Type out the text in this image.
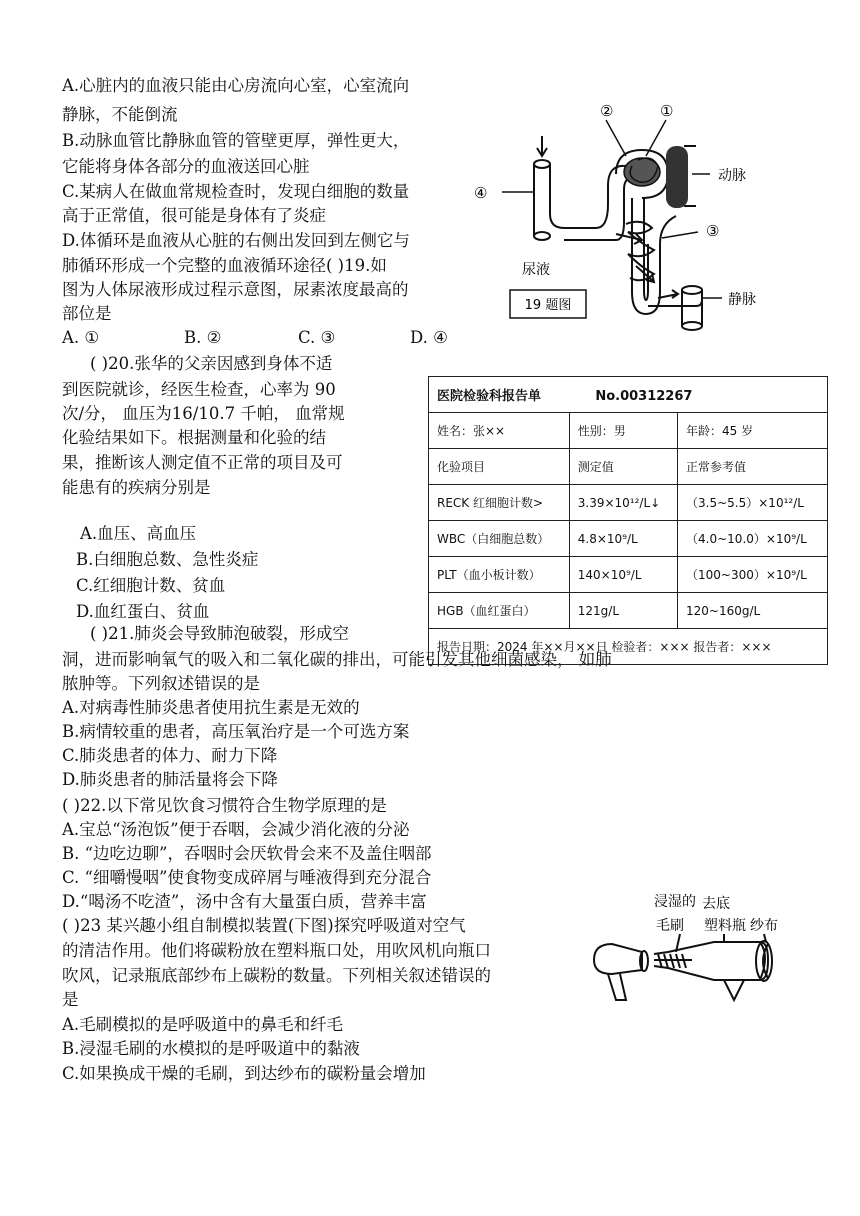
A.心脏内的血液只能由心房流向心室，心室流向
静脉，不能倒流
B.动脉血管比静脉血管的管壁更厚，弹性更大，
它能将身体各部分的血液送回心脏
C.某病人在做血常规检查时，发现白细胞的数量
高于正常值，很可能是身体有了炎症
D.体循环是血液从心脏的右侧出发回到左侧它与
肺循环形成一个完整的血液循环途径( )19.如
图为人体尿液形成过程示意图，尿素浓度最高的
部位是
A. ①	B. ②	C. ③	D. ④
( )20.张华的父亲因感到身体不适
到医院就诊，经医生检查，心率为 90
次/分， 血压为16/10.7 千帕， 血常规
化验结果如下。根据测量和化验的结
果，推断该人测定值不正常的项目及可
能患有的疾病分别是
A.血压、高血压
B.白细胞总数、急性炎症
C.红细胞计数、贫血
D.血红蛋白、贫血
( )21.肺炎会导致肺泡破裂，形成空
洞，进而影响氧气的吸入和二氧化碳的排出，可能引发其他细菌感染， 如肺
脓肿等。下列叙述错误的是
A.对病毒性肺炎患者使用抗生素是无效的
B.病情较重的患者，高压氧治疗是一个可选方案
C.肺炎患者的体力、耐力下降
D.肺炎患者的肺活量将会下降
( )22.以下常见饮食习惯符合生物学原理的是
A.宝总“汤泡饭”便于吞咽，会减少消化液的分泌
B. “边吃边聊”，吞咽时会厌软骨会来不及盖住咽部
C. “细嚼慢咽”使食物变成碎屑与唾液得到充分混合
D.“喝汤不吃渣”，汤中含有大量蛋白质，营养丰富
( )23 某兴趣小组自制模拟装置(下图)探究呼吸道对空气
的清洁作用。他们将碳粉放在塑料瓶口处，用吹风机向瓶口
吹风，记录瓶底部纱布上碳粉的数量。下列相关叙述错误的
是
A.毛刷模拟的是呼吸道中的鼻毛和纤毛
B.浸湿毛刷的水模拟的是呼吸道中的黏液
C.如果换成干燥的毛刷，到达纱布的碳粉量会增加
②	①
动脉
④
③
尿液
静脉
19 题图
医院检验科报告单 No.00312267		
姓名：张××	性别：男	年龄：45 岁
化验项目	测定值	正常参考值
RECK 红细胞计数>	3.39×10¹²/L↓	（3.5~5.5）×10¹²/L
WBC（白细胞总数）	4.8×10⁹/L	（4.0~10.0）×10⁹/L
PLT（血小板计数）	140×10⁹/L	（100~300）×10⁹/L
HGB（血红蛋白）	121g/L	120~160g/L
报告日期：2024 年××月××日 检验者：××× 报告者：×××		
浸湿的 去底
毛刷 塑料瓶 纱布
